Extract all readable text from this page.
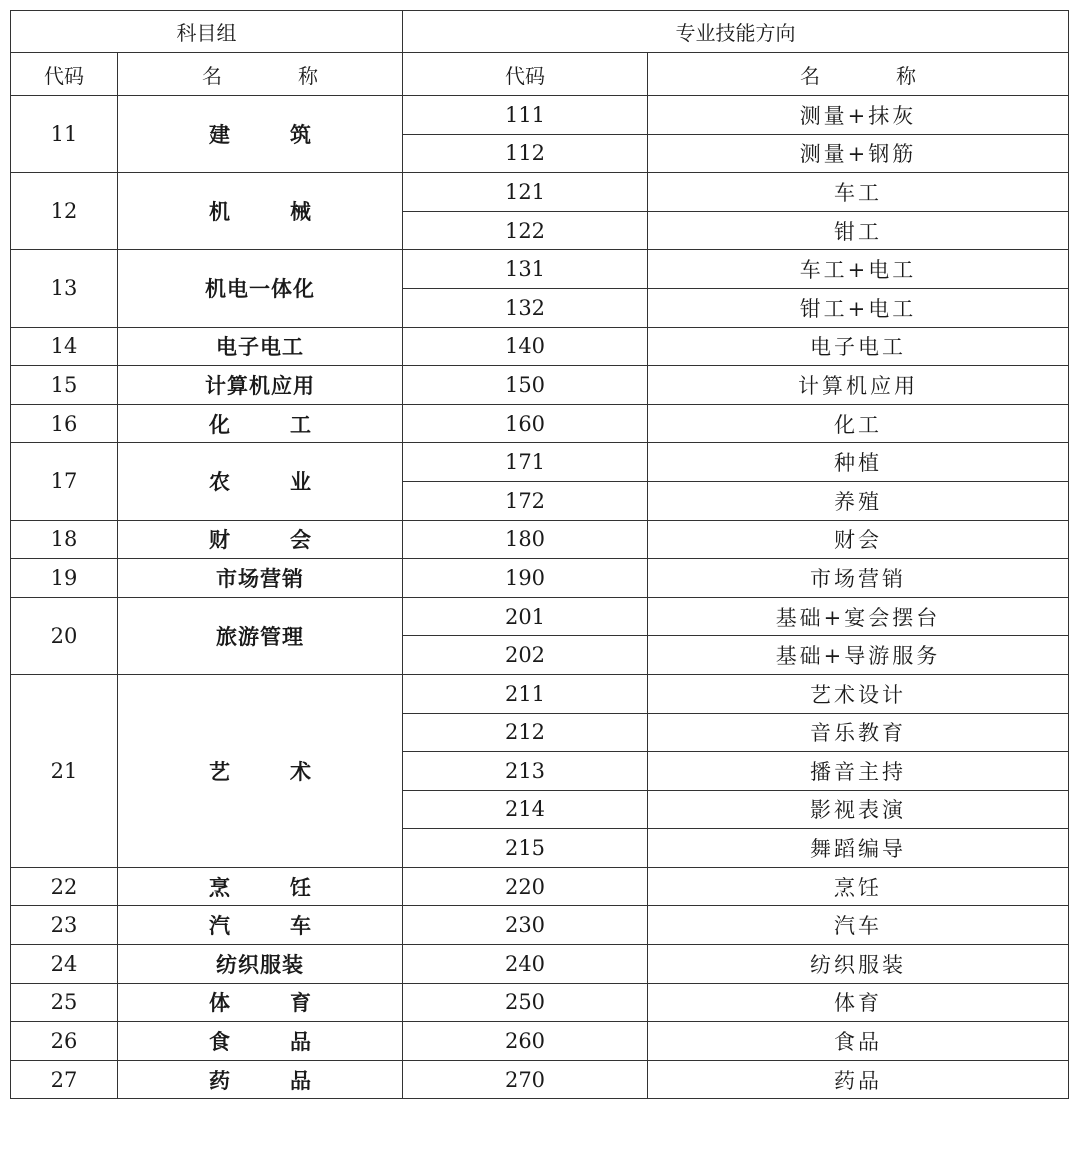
科目组		专业技能方向	
代码	名　称	代码	名　称
11	建筑	111	测量+抹灰
		112	测量+钢筋
12	机械	121	车工
		122	钳工
13	机电一体化	131	车工+电工
		132	钳工+电工
14	电子电工	140	电子电工
15	计算机应用	150	计算机应用
16	化工	160	化工
17	农业	171	种植
		172	养殖
18	财会	180	财会
19	市场营销	190	市场营销
20	旅游管理	201	基础+宴会摆台
		202	基础+导游服务
21	艺术	211	艺术设计
		212	音乐教育
		213	播音主持
		214	影视表演
		215	舞蹈编导
22	烹饪	220	烹饪
23	汽车	230	汽车
24	纺织服装	240	纺织服装
25	体育	250	体育
26	食品	260	食品
27	药品	270	药品
